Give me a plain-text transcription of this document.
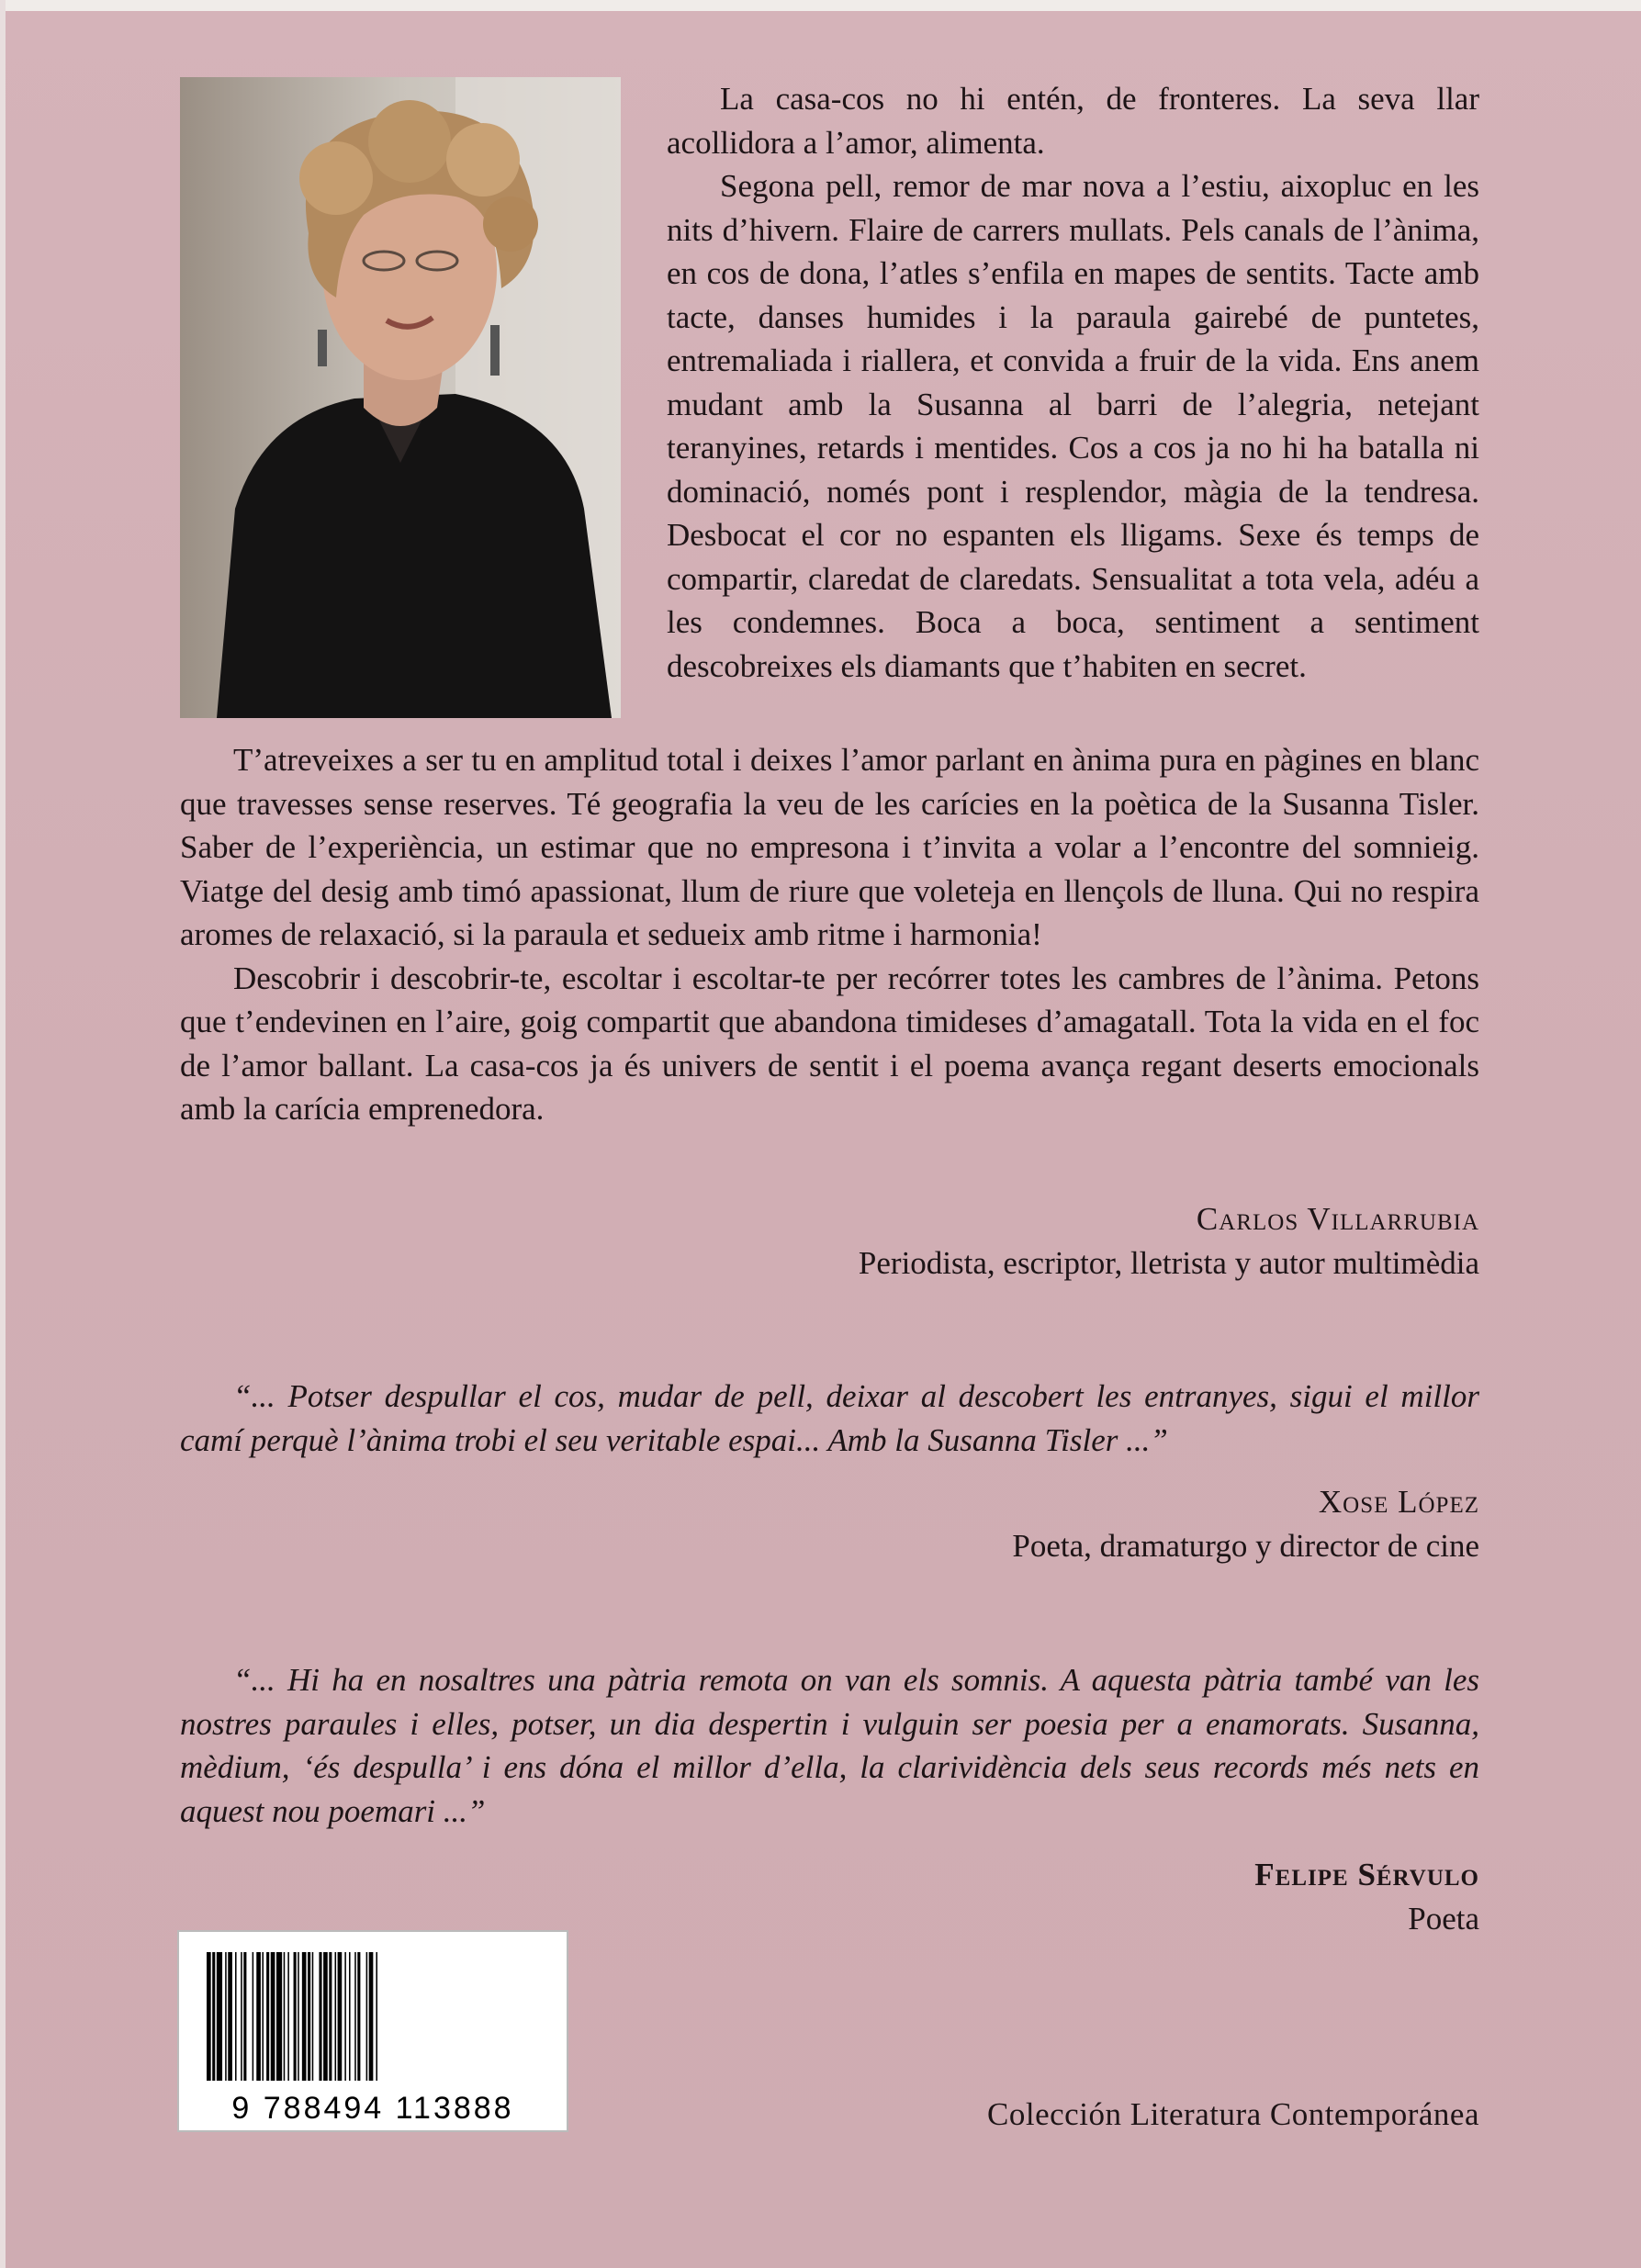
La casa-cos no hi entén, de fronteres. La seva llar acollidora a l’amor, alimenta.

Segona pell, remor de mar nova a l’estiu, aixopluc en les nits d’hivern. Flaire de carrers mullats. Pels canals de l’ànima, en cos de dona, l’atles s’enfila en mapes de sentits. Tacte amb tacte, danses humides i la paraula gairebé de puntetes, entremaliada i riallera, et convida a fruir de la vida. Ens anem mudant amb la Susanna al barri de l’alegria, netejant teranyines, retards i mentides. Cos a cos ja no hi ha batalla ni dominació, només pont i resplendor, màgia de la tendresa. Desbocat el cor no espanten els lligams. Sexe és temps de compartir, claredat de claredats. Sensualitat a tota vela, adéu a les condemnes. Boca a boca, sentiment a sentiment descobreixes els diamants que t’habiten en secret.

T’atreveixes a ser tu en amplitud total i deixes l’amor parlant en ànima pura en pàgines en blanc que travesses sense reserves. Té geografia la veu de les carícies en la poètica de la Susanna Tisler. Saber de l’experiència, un estimar que no empresona i t’invita a volar a l’encontre del somnieig. Viatge del desig amb timó apassionat, llum de riure que voleteja en llençols de lluna. Qui no respira aromes de relaxació, si la paraula et sedueix amb ritme i harmonia!

Descobrir i descobrir-te, escoltar i escoltar-te per recórrer totes les cambres de l’ànima. Petons que t’endevinen en l’aire, goig compartit que abandona timideses d’amagatall. Tota la vida en el foc de l’amor ballant. La casa-cos ja és univers de sentit i el poema avança regant deserts emocionals amb la carícia emprenedora.

Carlos Villarrubia
Periodista, escriptor, lletrista y autor multimèdia

“... Potser despullar el cos, mudar de pell, deixar al descobert les entranyes, sigui el millor camí perquè l’ànima trobi el seu veritable espai... Amb la Susanna Tisler ...”

Xose López
Poeta, dramaturgo y director de cine

“... Hi ha en nosaltres una pàtria remota on van els somnis. A aquesta pàtria també van les nostres paraules i elles, potser, un dia despertin i vulguin ser poesia per a enamorats. Susanna, mèdium, ‘és despulla’ i ens dóna el millor d’ella, la clarividència dels seus records més nets en aquest nou poemari ...”

Felipe Sérvulo
Poeta
9 788494 113888	Colección Literatura Contemporánea
